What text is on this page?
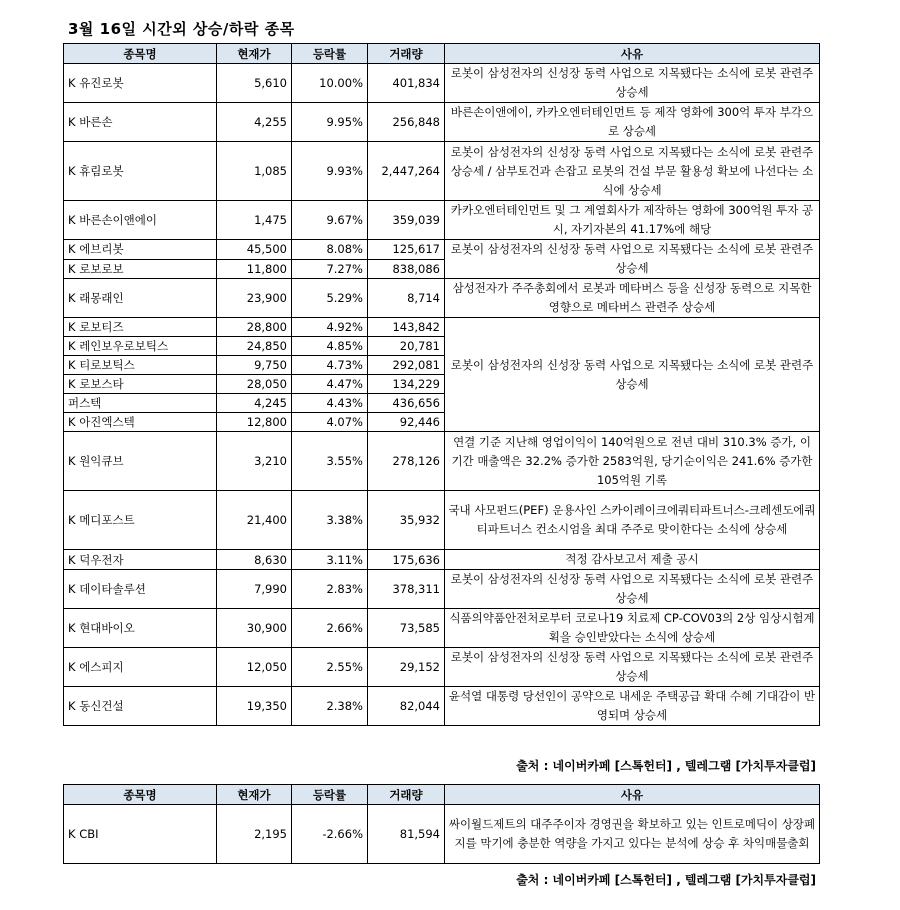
3월 16일 시간외 상승/하락 종목
종목명	현재가	등락률	거래량	사유
K 유진로봇	5,610	10.00%	401,834	로봇이 삼성전자의 신성장 동력 사업으로 지목됐다는 소식에 로봇 관련주 상승세
K 바른손	4,255	9.95%	256,848	바른손이앤에이, 카카오엔터테인먼트 등 제작 영화에 300억 투자 부각으로 상승세
K 휴림로봇	1,085	9.93%	2,447,264	로봇이 삼성전자의 신성장 동력 사업으로 지목됐다는 소식에 로봇 관련주 상승세 / 삼부토건과 손잡고 로봇의 건설 부문 활용성 확보에 나선다는 소식에 상승세
K 바른손이앤에이	1,475	9.67%	359,039	카카오엔터테인먼트 및 그 계열회사가 제작하는 영화에 300억원 투자 공시, 자기자본의 41.17%에 해당
K 에브리봇	45,500	8.08%	125,617	로봇이 삼성전자의 신성장 동력 사업으로 지목됐다는 소식에 로봇 관련주 상승세
K 로보로보	11,800	7.27%	838,086	
K 래몽래인	23,900	5.29%	8,714	삼성전자가 주주총회에서 로봇과 메타버스 등을 신성장 동력으로 지목한 영향으로 메타버스 관련주 상승세
K 로보티즈	28,800	4.92%	143,842	로봇이 삼성전자의 신성장 동력 사업으로 지목됐다는 소식에 로봇 관련주 상승세
K 레인보우로보틱스	24,850	4.85%	20,781	
K 티로보틱스	9,750	4.73%	292,081	
K 로보스타	28,050	4.47%	134,229	
퍼스텍	4,245	4.43%	436,656	
K 아진엑스텍	12,800	4.07%	92,446	
K 원익큐브	3,210	3.55%	278,126	연결 기준 지난해 영업이익이 140억원으로 전년 대비 310.3% 증가, 이 기간 매출액은 32.2% 증가한 2583억원, 당기순이익은 241.6% 증가한 105억원 기록
K 메디포스트	21,400	3.38%	35,932	국내 사모펀드(PEF) 운용사인 스카이레이크에쿼티파트너스-크레센도에쿼티파트너스 컨소시엄을 최대 주주로 맞이한다는 소식에 상승세
K 덕우전자	8,630	3.11%	175,636	적정 감사보고서 제출 공시
K 데이타솔루션	7,990	2.83%	378,311	로봇이 삼성전자의 신성장 동력 사업으로 지목됐다는 소식에 로봇 관련주 상승세
K 현대바이오	30,900	2.66%	73,585	식품의약품안전처로부터 코로나19 치료제 CP-COV03의 2상 임상시험계획을 승인받았다는 소식에 상승세
K 에스피지	12,050	2.55%	29,152	로봇이 삼성전자의 신성장 동력 사업으로 지목됐다는 소식에 로봇 관련주 상승세
K 동신건설	19,350	2.38%	82,044	윤석열 대통령 당선인이 공약으로 내세운 주택공급 확대 수혜 기대감이 반영되며 상승세
출처 : 네이버카페 [스톡헌터] , 텔레그램 [가치투자클럽]
종목명	현재가	등락률	거래량	사유
K CBI	2,195	-2.66%	81,594	싸이월드제트의 대주주이자 경영권을 확보하고 있는 인트로메딕이 상장폐지를 막기에 충분한 역량을 가지고 있다는 분석에 상승 후 차익매물출회
출처 : 네이버카페 [스톡헌터] , 텔레그램 [가치투자클럽]
